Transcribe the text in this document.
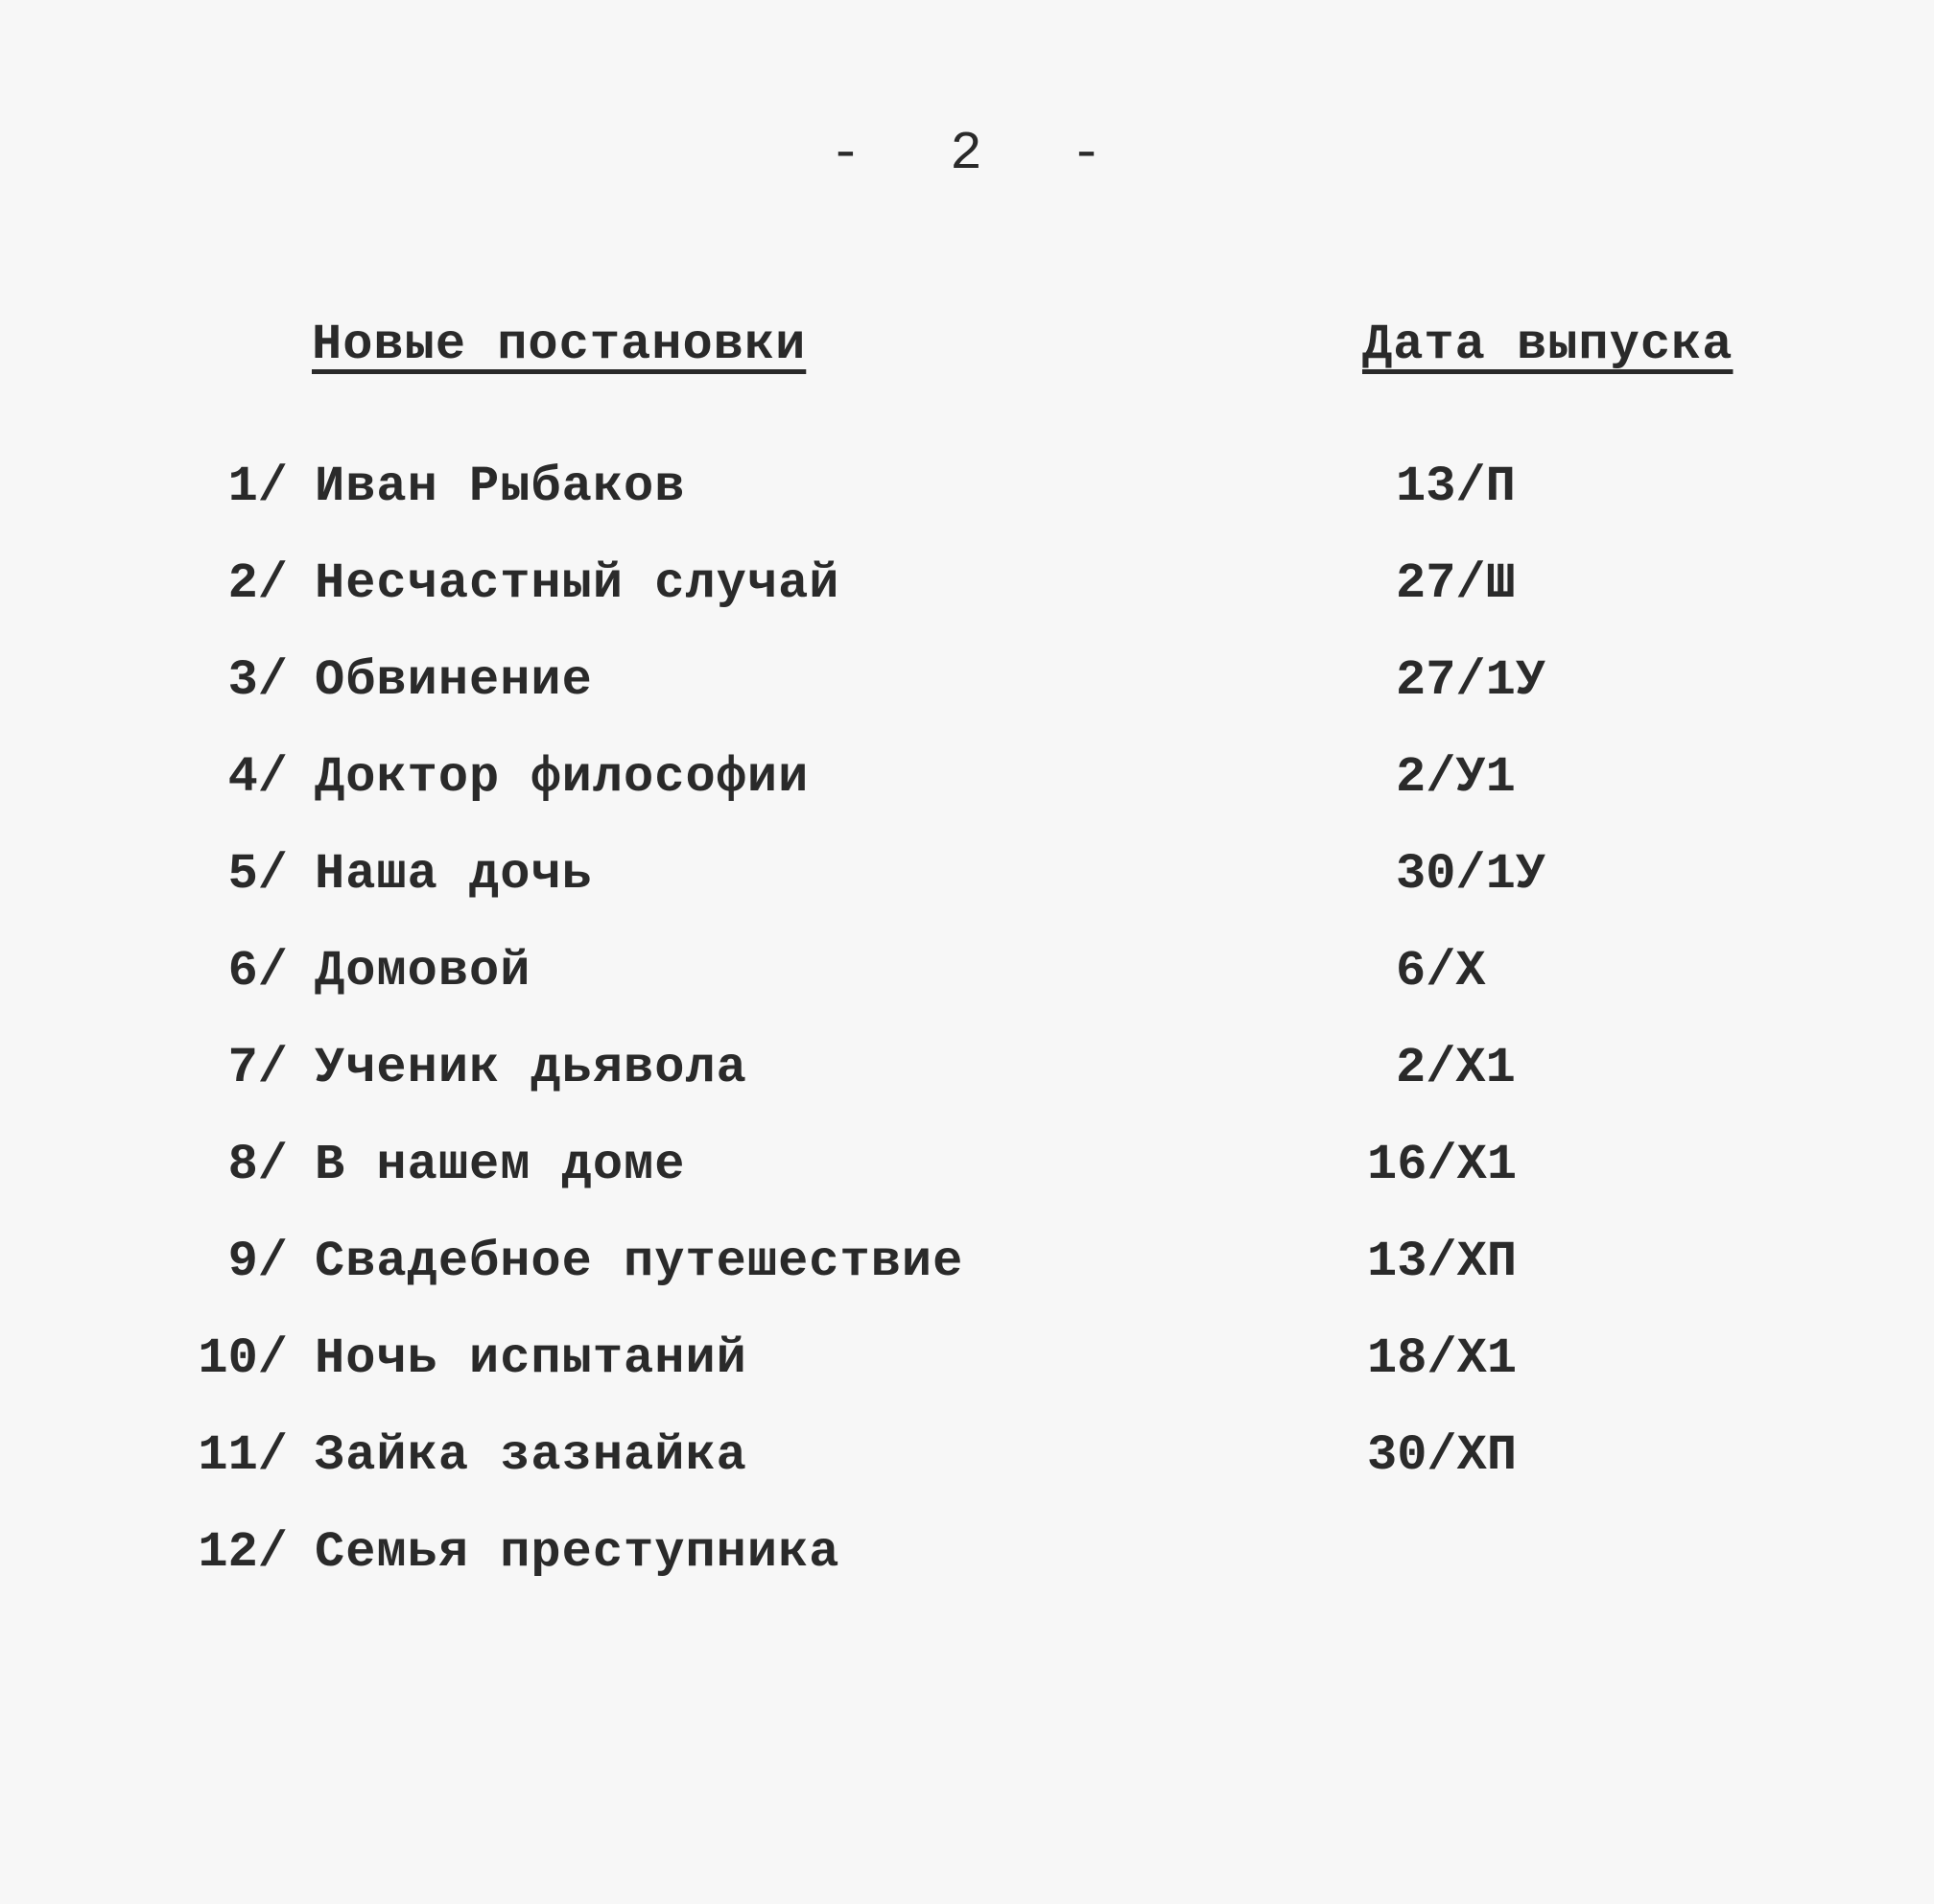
- 2 -
Новые постановки	Дата выпуска
1/ Иван Рыбаков	13/П
2/ Несчастный случай	27/Ш
3/ Обвинение	27/1У
4/ Доктор философии	2/У1
5/ Наша дочь	30/1У
6/ Домовой	6/Х
7/ Ученик дьявола	2/Х1
8/ В нашем доме	16/Х1
9/ Свадебное путешествие	13/ХП
10/ Ночь испытаний	18/Х1
11/ Зайка зазнайка	30/ХП
12/ Семья преступника
